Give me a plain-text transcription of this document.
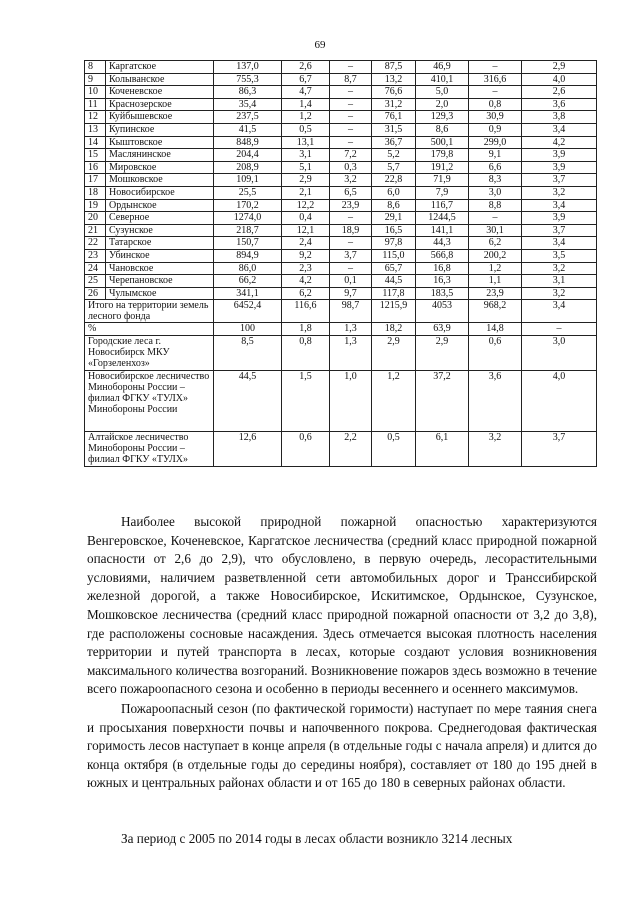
69
8	Каргатское	137,0	2,6	–	87,5	46,9	–	2,9
9	Колыванское	755,3	6,7	8,7	13,2	410,1	316,6	4,0
10	Коченевское	86,3	4,7	–	76,6	5,0	–	2,6
11	Краснозерское	35,4	1,4	–	31,2	2,0	0,8	3,6
12	Куйбышевское	237,5	1,2	–	76,1	129,3	30,9	3,8
13	Купинское	41,5	0,5	–	31,5	8,6	0,9	3,4
14	Кыштовское	848,9	13,1	–	36,7	500,1	299,0	4,2
15	Маслянинское	204,4	3,1	7,2	5,2	179,8	9,1	3,9
16	Мировское	208,9	5,1	0,3	5,7	191,2	6,6	3,9
17	Мошковское	109,1	2,9	3,2	22,8	71,9	8,3	3,7
18	Новосибирское	25,5	2,1	6,5	6,0	7,9	3,0	3,2
19	Ордынское	170,2	12,2	23,9	8,6	116,7	8,8	3,4
20	Северное	1274,0	0,4	–	29,1	1244,5	–	3,9
21	Сузунское	218,7	12,1	18,9	16,5	141,1	30,1	3,7
22	Татарское	150,7	2,4	–	97,8	44,3	6,2	3,4
23	Убинское	894,9	9,2	3,7	115,0	566,8	200,2	3,5
24	Чановское	86,0	2,3	–	65,7	16,8	1,2	3,2
25	Черепановское	66,2	4,2	0,1	44,5	16,3	1,1	3,1
26	Чулымское	341,1	6,2	9,7	117,8	183,5	23,9	3,2
Итого на территории земель лесного фонда		6452,4	116,6	98,7	1215,9	4053	968,2	3,4
%		100	1,8	1,3	18,2	63,9	14,8	–
Городские леса г. Новосибирск МКУ «Горзеленхоз»		8,5	0,8	1,3	2,9	2,9	0,6	3,0
Новосибирское лесничество Минобороны России – филиал ФГКУ «ТУЛХ» Минобороны России		44,5	1,5	1,0	1,2	37,2	3,6	4,0
Алтайское лесничество Минобороны России – филиал ФГКУ «ТУЛХ»		12,6	0,6	2,2	0,5	6,1	3,2	3,7

Наиболее высокой природной пожарной опасностью характеризуются Венгеровское, Коченевское, Каргатское лесничества (средний класс природной пожарной опасности от 2,6 до 2,9), что обусловлено, в первую очередь, лесорастительными условиями, наличием разветвленной сети автомобильных дорог и Транссибирской железной дорогой, а также Новосибирское, Искитимское, Ордынское, Сузунское, Мошковское лесничества (средний класс природной пожарной опасности от 3,2 до 3,8), где расположены сосновые насаждения. Здесь отмечается высокая плотность населения территории и путей транспорта в лесах, которые создают условия возникновения максимального количества возгораний. Возникновение пожаров здесь возможно в течение всего пожароопасного сезона и особенно в периоды весеннего и осеннего максимумов.

Пожароопасный сезон (по фактической горимости) наступает по мере таяния снега и просыхания поверхности почвы и напочвенного покрова. Среднегодовая фактическая горимость лесов наступает в конце апреля (в отдельные годы с начала апреля) и длится до конца октября (в отдельные годы до середины ноября), составляет от 180 до 195 дней в южных и центральных районах области и от 165 до 180 в северных районах области.

За период с 2005 по 2014 годы в лесах области возникло 3214 лесных
